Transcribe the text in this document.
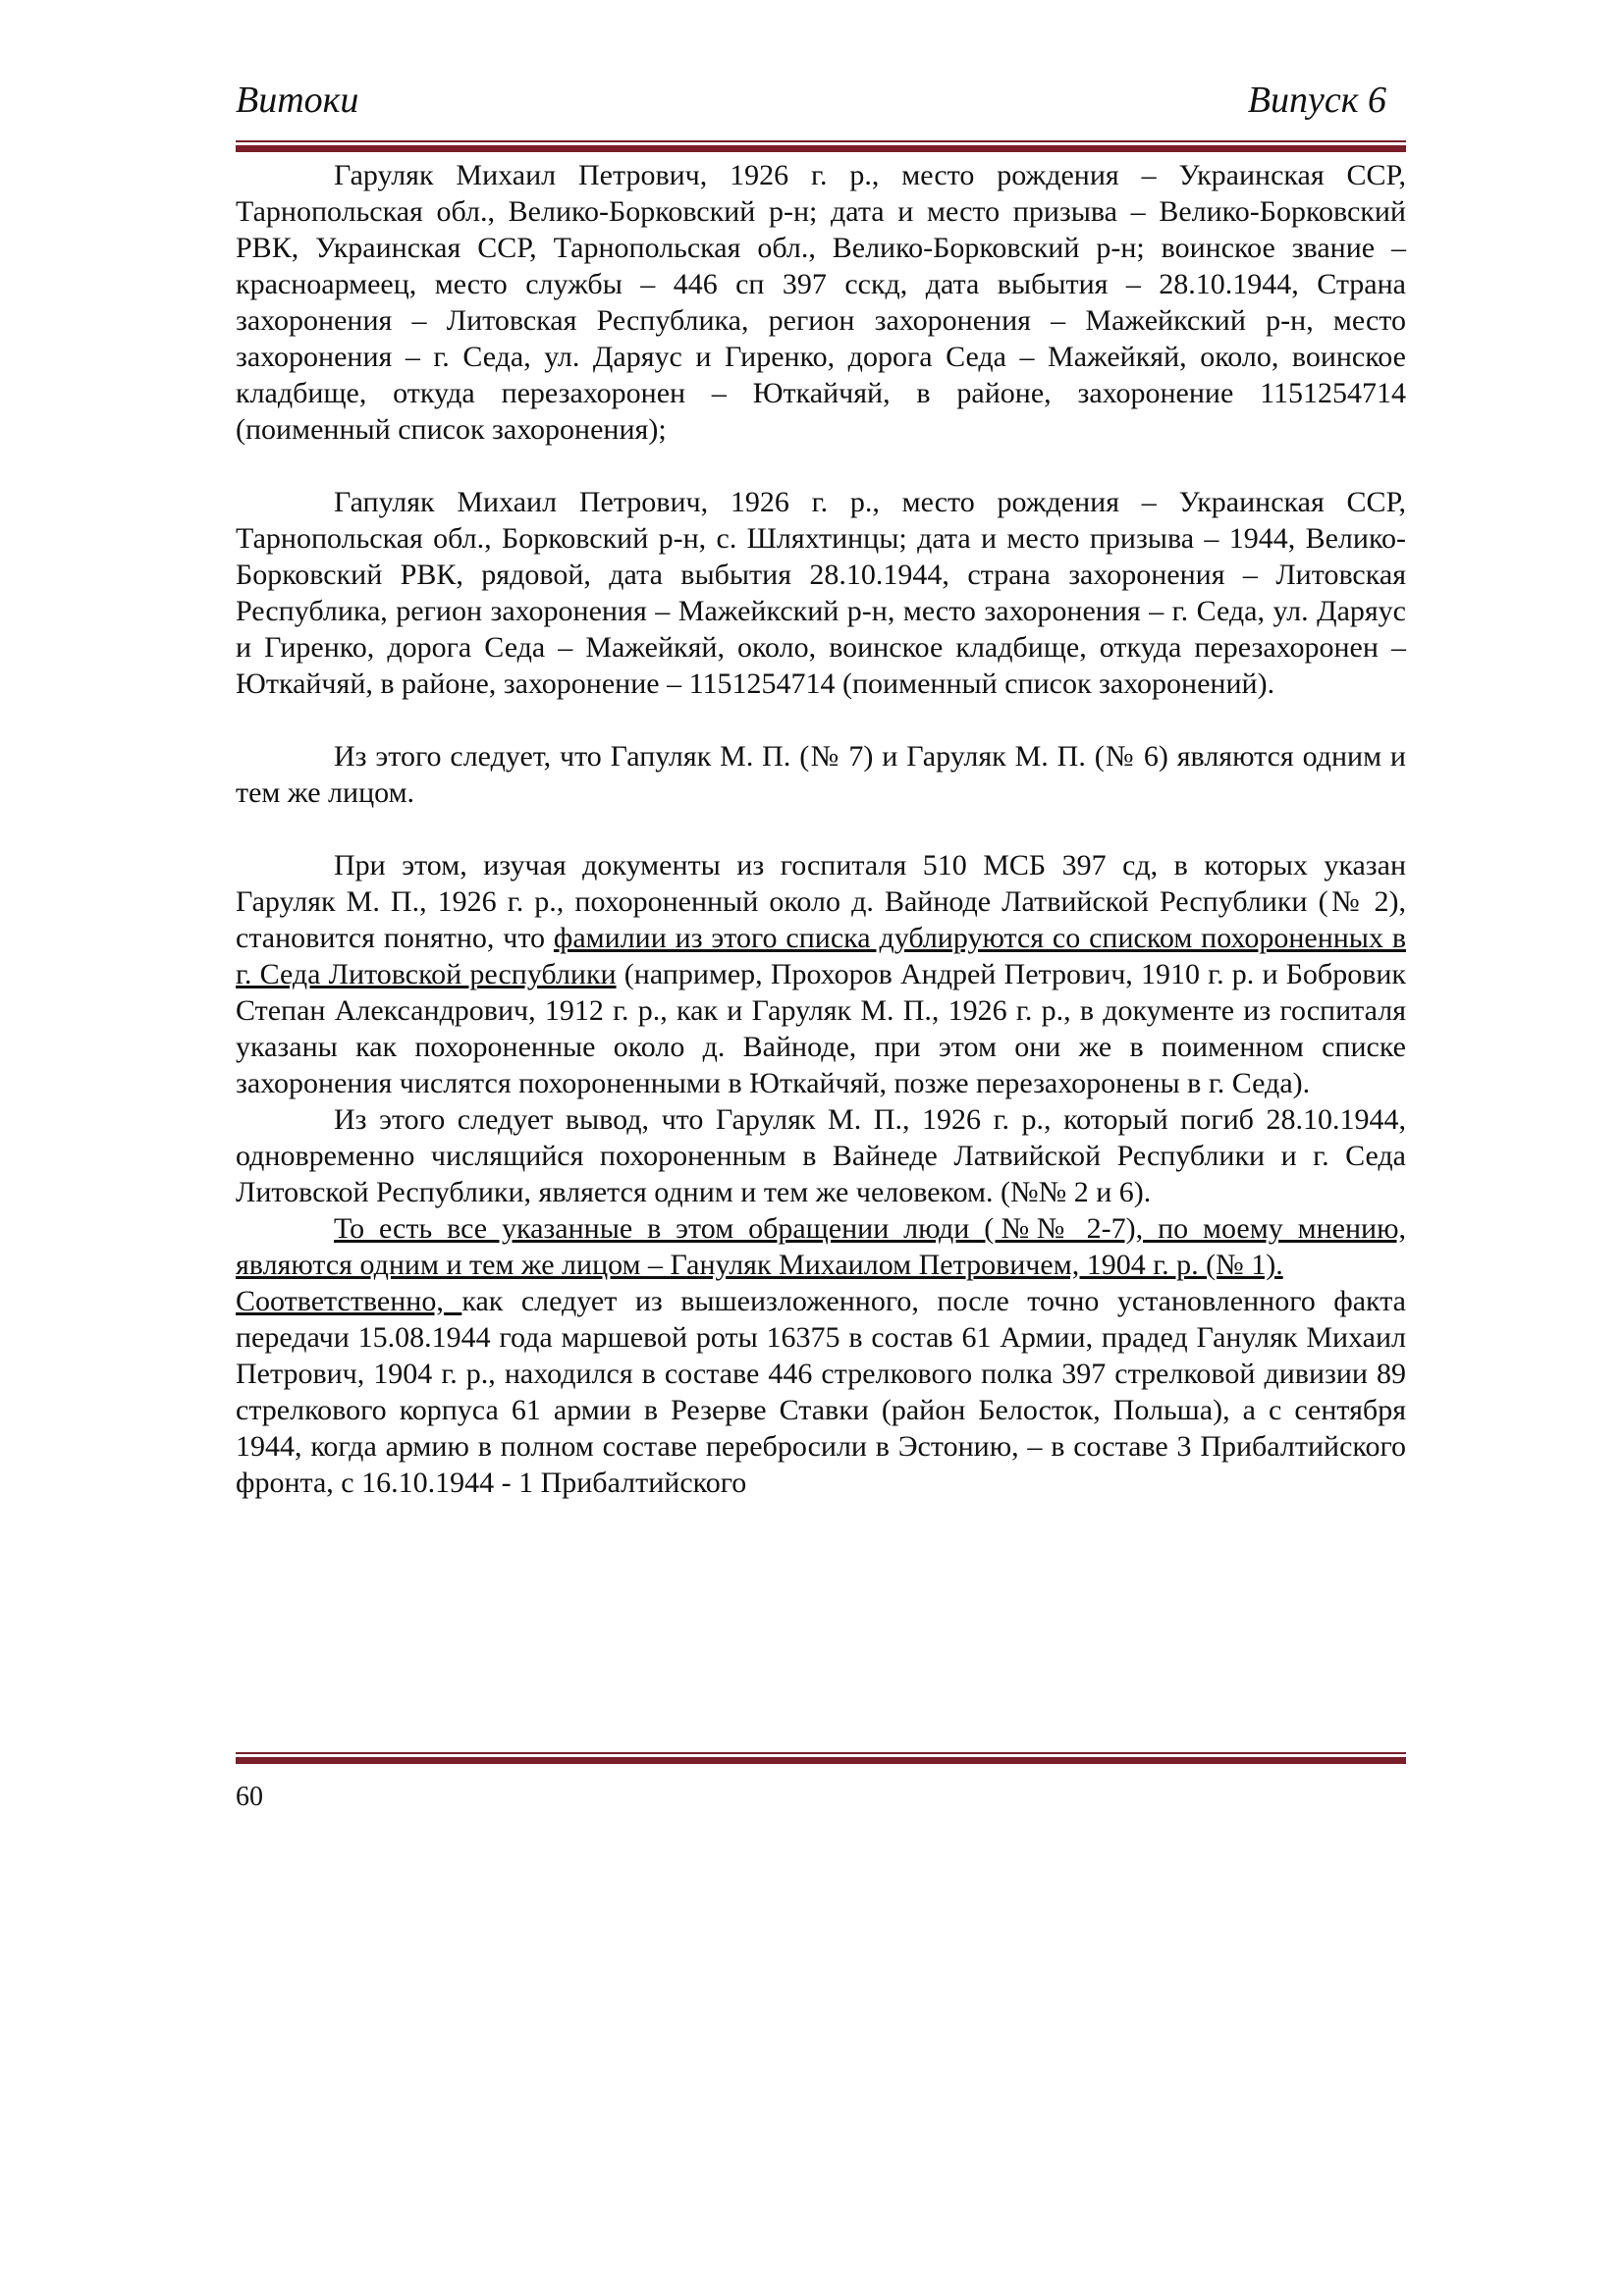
Витоки	Випуск 6

Гаруляк Михаил Петрович, 1926 г. р., место рождения – Украинская ССР, Тарнопольская обл., Велико-Борковский р-н; дата и место призыва – Велико-Борковский РВК, Украинская ССР, Тарнопольская обл., Велико-Борковский р-н; воинское звание – красноармеец, место службы – 446 сп 397 сскд, дата выбытия – 28.10.1944, Страна захоронения – Литовская Республика, регион захоронения – Мажейкский р-н, место захоронения – г. Седа, ул. Даряус и Гиренко, дорога Седа – Мажейкяй, около, воинское кладбище, откуда перезахоронен – Юткайчяй, в районе, захоронение 1151254714 (поименный список захоронения);

Гапуляк Михаил Петрович, 1926 г. р., место рождения – Украинская ССР, Тарнопольская обл., Борковский р-н, с. Шляхтинцы; дата и место призыва – 1944, Велико-Борковский РВК, рядовой, дата выбытия 28.10.1944, страна захоронения – Литовская Республика, регион захоронения – Мажейкский р-н, место захоронения – г. Седа, ул. Даряус и Гиренко, дорога Седа – Мажейкяй, около, воинское кладбище, откуда перезахоронен – Юткайчяй, в районе, захоронение – 1151254714 (поименный список захоронений).

Из этого следует, что Гапуляк М. П. (№ 7) и Гаруляк М. П. (№ 6) являются одним и тем же лицом.

При этом, изучая документы из госпиталя 510 МСБ 397 сд, в которых указан Гаруляк М. П., 1926 г. р., похороненный около д. Вайноде Латвийской Республики (№ 2), становится понятно, что фамилии из этого списка дублируются со списком похороненных в г. Седа Литовской республики (например, Прохоров Андрей Петрович, 1910 г. р. и Бобровик Степан Александрович, 1912 г. р., как и Гаруляк М. П., 1926 г. р., в документе из госпиталя указаны как похороненные около д. Вайноде, при этом они же в поименном списке захоронения числятся похороненными в Юткайчяй, позже перезахоронены в г. Седа).

Из этого следует вывод, что Гаруляк М. П., 1926 г. р., который погиб 28.10.1944, одновременно числящийся похороненным в Вайнеде Латвийской Республики и г. Седа Литовской Республики, является одним и тем же человеком. (№№ 2 и 6).

То есть все указанные в этом обращении люди (№№ 2-7), по моему мнению, являются одним и тем же лицом – Гануляк Михаилом Петровичем, 1904 г. р. (№ 1).

Соответственно, как следует из вышеизложенного, после точно установленного факта передачи 15.08.1944 года маршевой роты 16375 в состав 61 Армии, прадед Гануляк Михаил Петрович, 1904 г. р., находился в составе 446 стрелкового полка 397 стрелковой дивизии 89 стрелкового корпуса 61 армии в Резерве Ставки (район Белосток, Польша), а с сентября 1944, когда армию в полном составе перебросили в Эстонию, – в составе 3 Прибалтийского фронта, с 16.10.1944 - 1 Прибалтийского

60
